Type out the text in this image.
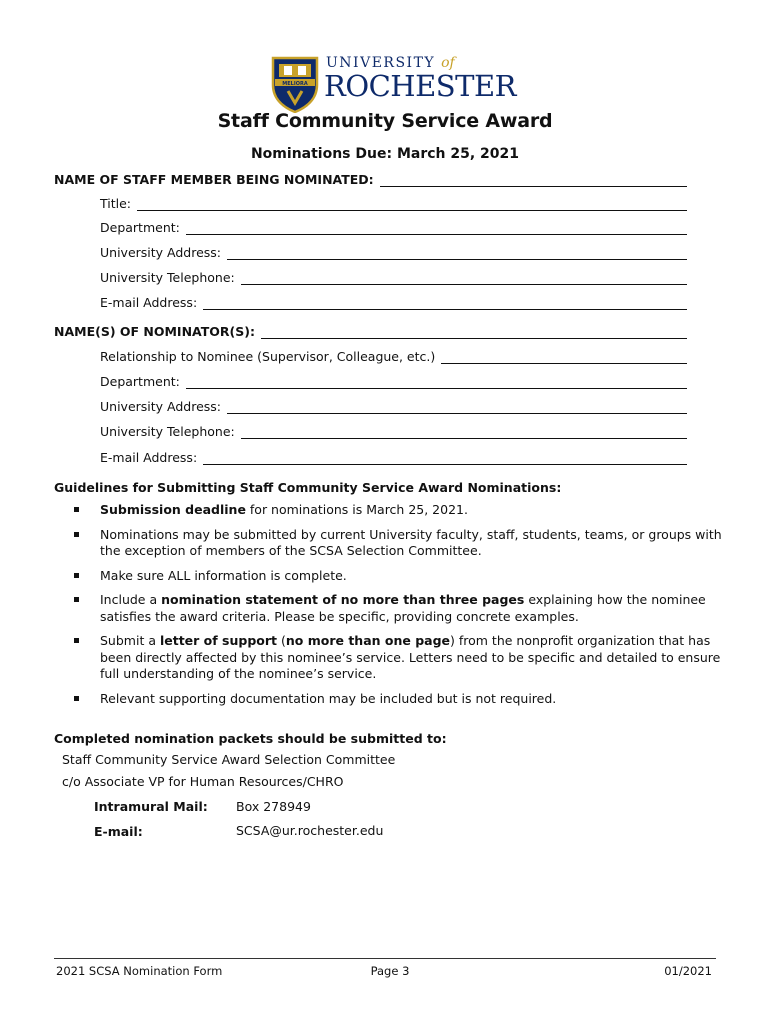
MELIORA
UNIVERSITY of
ROCHESTER
Staff Community Service Award
Nominations Due: March 25, 2021
NAME OF STAFF MEMBER BEING NOMINATED:
Title:
Department:
University Address:
University Telephone:
E-mail Address:
NAME(S) OF NOMINATOR(S):
Relationship to Nominee (Supervisor, Colleague, etc.)
Department:
University Address:
University Telephone:
E-mail Address:
Guidelines for Submitting Staff Community Service Award Nominations:
Submission deadline for nominations is March 25, 2021.
Nominations may be submitted by current University faculty, staff, students, teams, or groups with the exception of members of the SCSA Selection Committee.
Make sure ALL information is complete.
Include a nomination statement of no more than three pages explaining how the nominee satisfies the award criteria. Please be specific, providing concrete examples.
Submit a letter of support (no more than one page) from the nonprofit organization that has been directly affected by this nominee’s service. Letters need to be specific and detailed to ensure full understanding of the nominee’s service.
Relevant supporting documentation may be included but is not required.
Completed nomination packets should be submitted to:
Staff Community Service Award Selection Committee
c/o Associate VP for Human Resources/CHRO
Intramural Mail: Box 278949
E-mail:	SCSA@ur.rochester.edu
2021 SCSA Nomination Form	Page 3	01/2021
